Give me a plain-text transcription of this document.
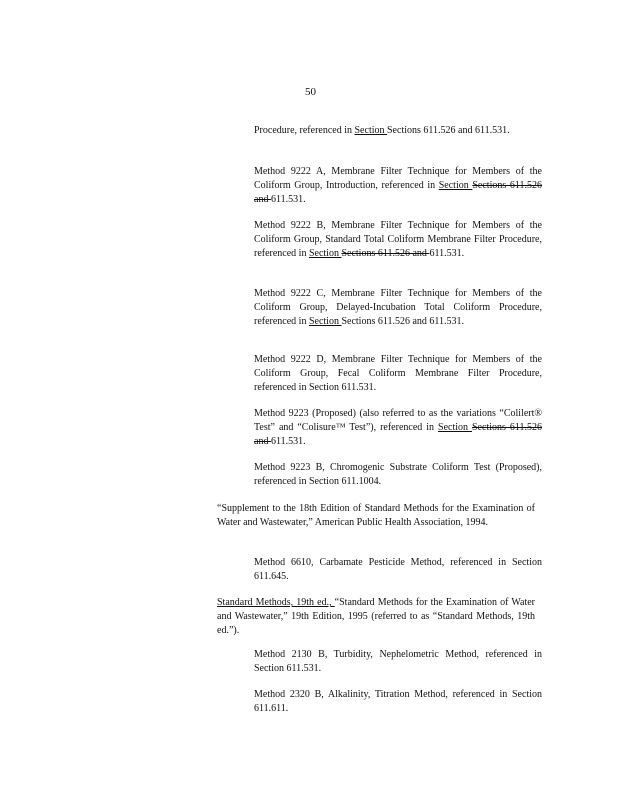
50

Procedure, referenced in Section Sections 611.526 and 611.531.

Method 9222 A, Membrane Filter Technique for Members of the Coliform Group, Introduction, referenced in Section Sections 611.526 and 611.531.

Method 9222 B, Membrane Filter Technique for Members of the Coliform Group, Standard Total Coliform Membrane Filter Procedure, referenced in Section Sections 611.526 and 611.531.

Method 9222 C, Membrane Filter Technique for Members of the Coliform Group, Delayed-Incubation Total Coliform Procedure, referenced in Section Sections 611.526 and 611.531.

Method 9222 D, Membrane Filter Technique for Members of the Coliform Group, Fecal Coliform Membrane Filter Procedure, referenced in Section 611.531.

Method 9223 (Proposed) (also referred to as the variations “Colilert® Test” and “Colisure™ Test”), referenced in Section Sections 611.526 and 611.531.

Method 9223 B, Chromogenic Substrate Coliform Test (Proposed), referenced in Section 611.1004.

“Supplement to the 18th Edition of Standard Methods for the Examination of Water and Wastewater,” American Public Health Association, 1994.

Method 6610, Carbamate Pesticide Method, referenced in Section 611.645.

Standard Methods, 19th ed., “Standard Methods for the Examination of Water and Wastewater,” 19th Edition, 1995 (referred to as “Standard Methods, 19th ed.”).

Method 2130 B, Turbidity, Nephelometric Method, referenced in Section 611.531.

Method 2320 B, Alkalinity, Titration Method, referenced in Section 611.611.
